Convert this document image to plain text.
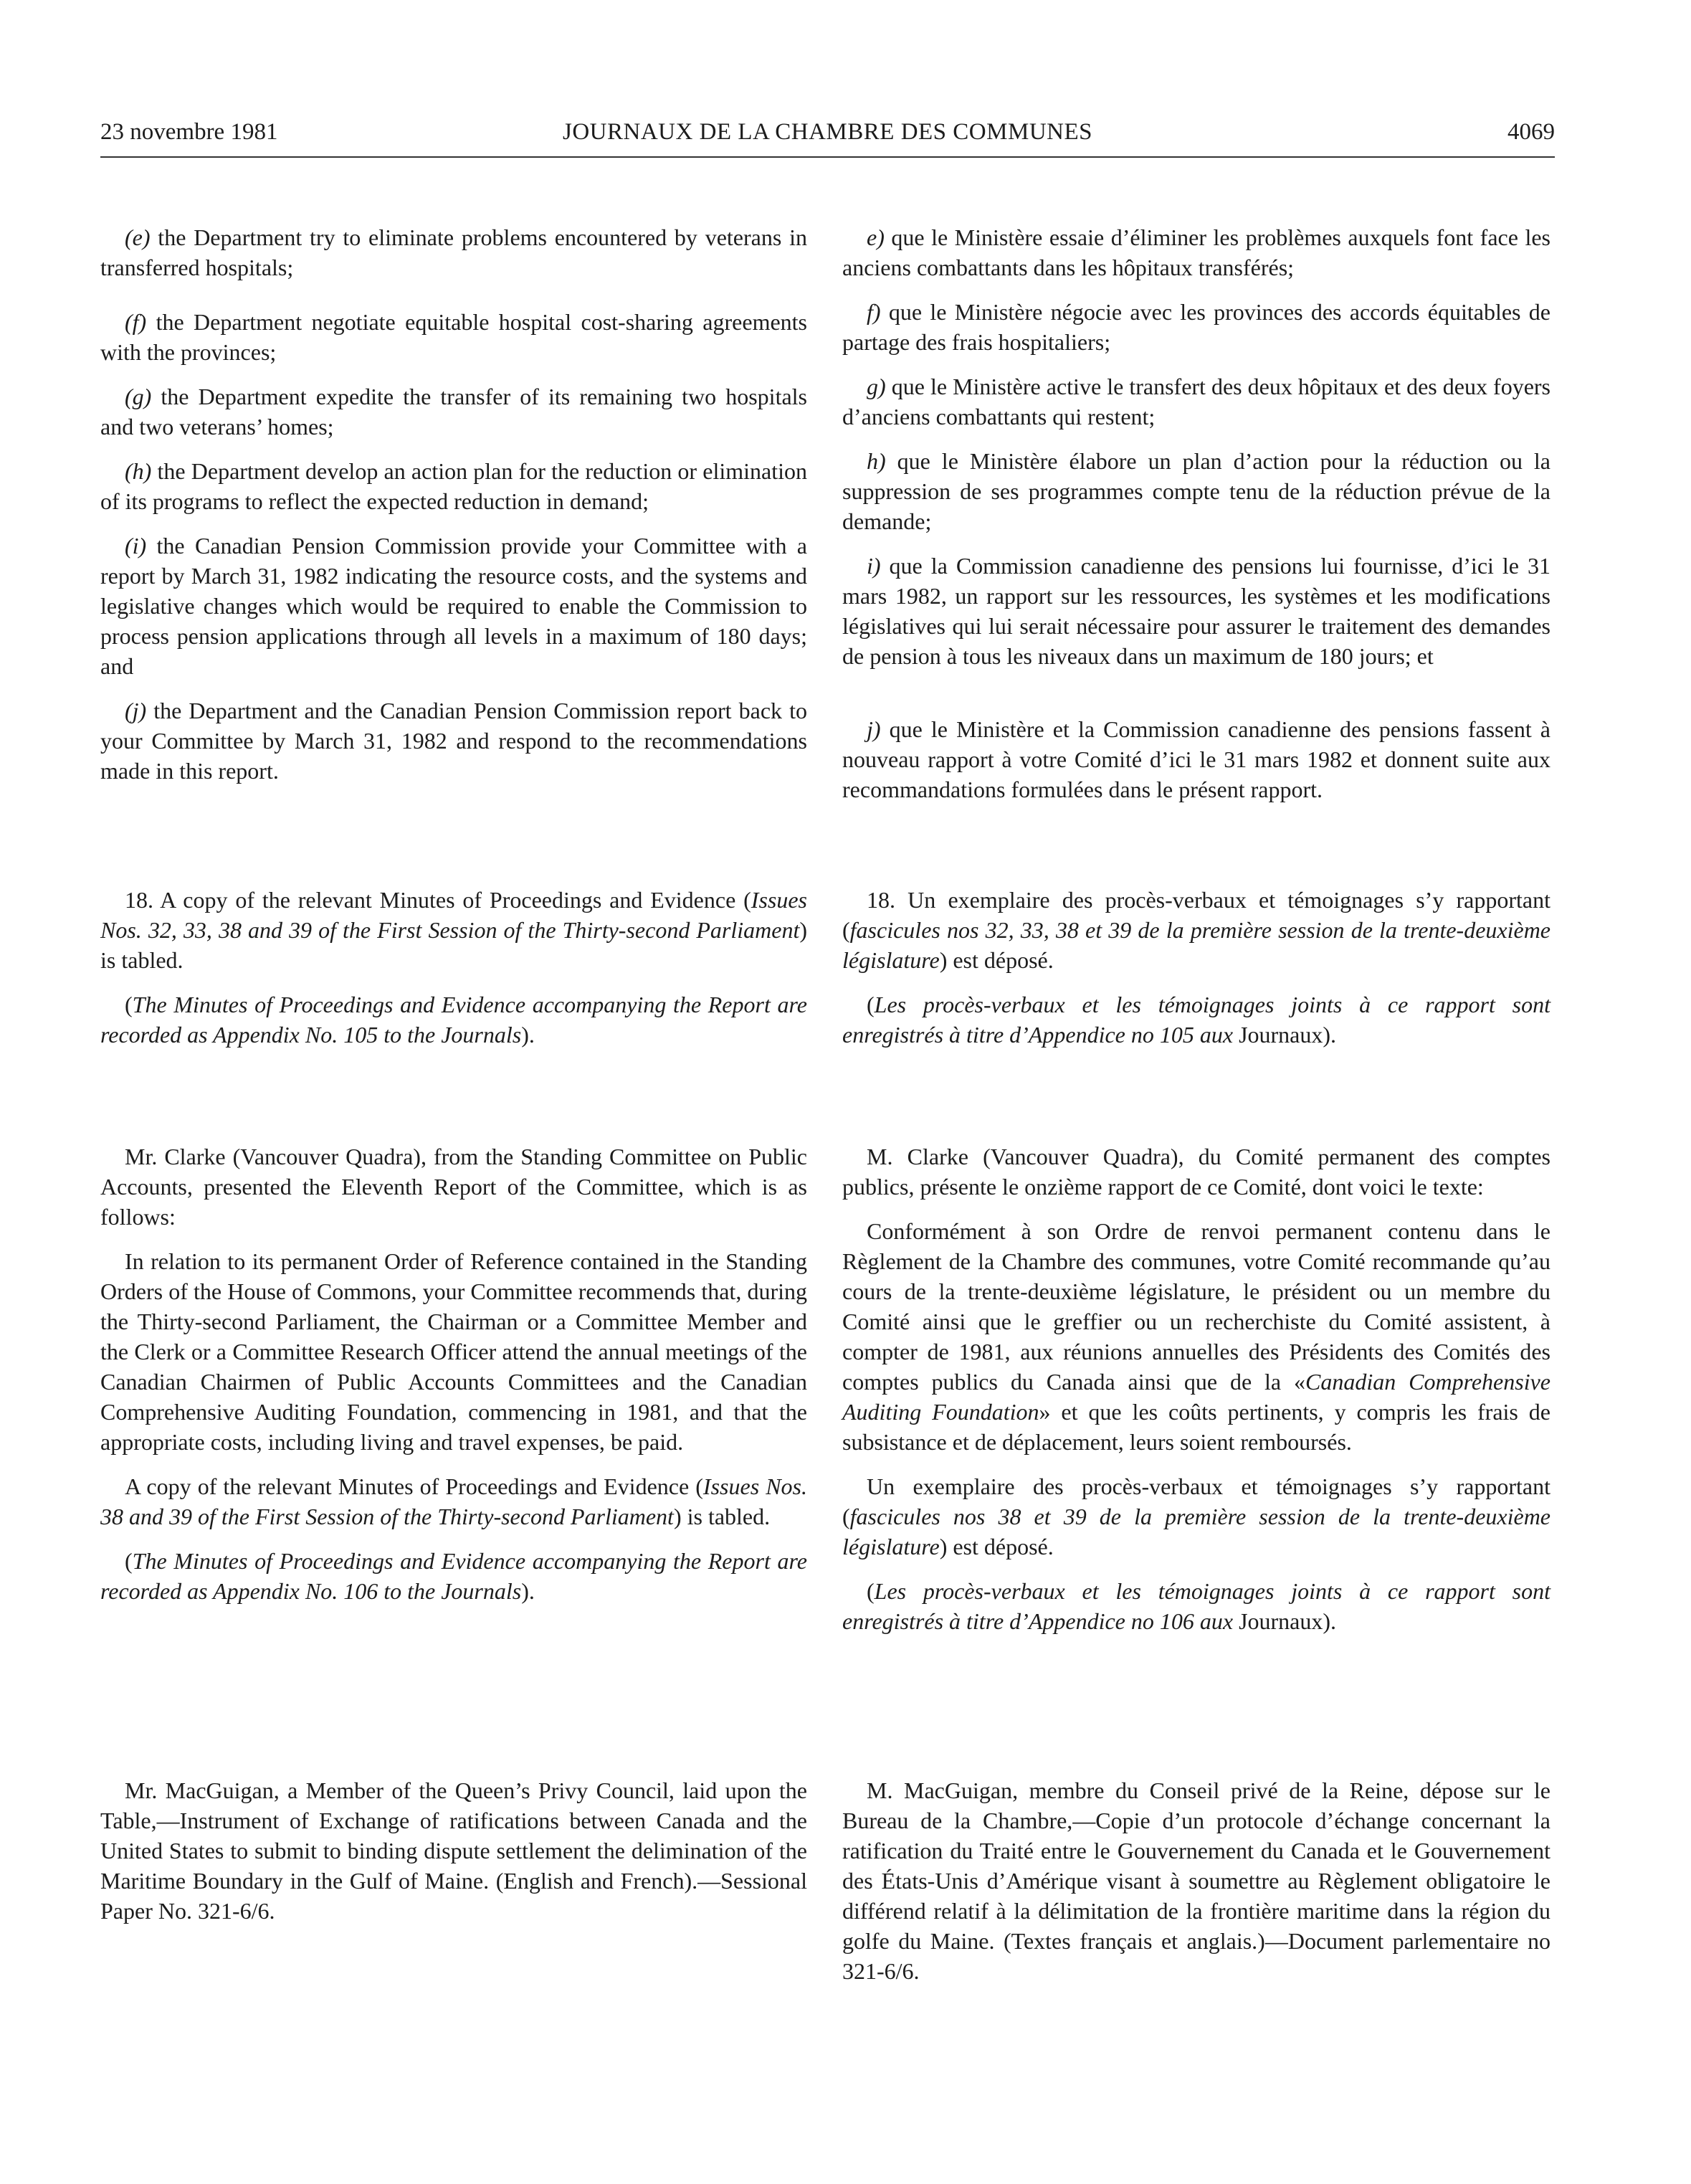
23 novembre 1981	JOURNAUX DE LA CHAMBRE DES COMMUNES	4069

(e) the Department try to eliminate problems encountered by veterans in transferred hospitals;

(f) the Department negotiate equitable hospital cost-sharing agreements with the provinces;

(g) the Department expedite the transfer of its remaining two hospitals and two veterans’ homes;

(h) the Department develop an action plan for the reduction or elimination of its programs to reflect the expected reduction in demand;

(i) the Canadian Pension Commission provide your Committee with a report by March 31, 1982 indicating the resource costs, and the systems and legislative changes which would be required to enable the Commission to process pension applications through all levels in a maximum of 180 days; and

(j) the Department and the Canadian Pension Commission report back to your Committee by March 31, 1982 and respond to the recommendations made in this report.

18. A copy of the relevant Minutes of Proceedings and Evidence (Issues Nos. 32, 33, 38 and 39 of the First Session of the Thirty-second Parliament) is tabled.

(The Minutes of Proceedings and Evidence accompanying the Report are recorded as Appendix No. 105 to the Journals).

Mr. Clarke (Vancouver Quadra), from the Standing Committee on Public Accounts, presented the Eleventh Report of the Committee, which is as follows:

In relation to its permanent Order of Reference contained in the Standing Orders of the House of Commons, your Committee recommends that, during the Thirty-second Parliament, the Chairman or a Committee Member and the Clerk or a Committee Research Officer attend the annual meetings of the Canadian Chairmen of Public Accounts Committees and the Canadian Comprehensive Auditing Foundation, commencing in 1981, and that the appropriate costs, including living and travel expenses, be paid.

A copy of the relevant Minutes of Proceedings and Evidence (Issues Nos. 38 and 39 of the First Session of the Thirty-second Parliament) is tabled.

(The Minutes of Proceedings and Evidence accompanying the Report are recorded as Appendix No. 106 to the Journals).

Mr. MacGuigan, a Member of the Queen’s Privy Council, laid upon the Table,—Instrument of Exchange of ratifications between Canada and the United States to submit to binding dispute settlement the delimination of the Maritime Boundary in the Gulf of Maine. (English and French).—Sessional Paper No. 321-6/6.

e) que le Ministère essaie d’éliminer les problèmes auxquels font face les anciens combattants dans les hôpitaux transférés;

f) que le Ministère négocie avec les provinces des accords équitables de partage des frais hospitaliers;

g) que le Ministère active le transfert des deux hôpitaux et des deux foyers d’anciens combattants qui restent;

h) que le Ministère élabore un plan d’action pour la réduction ou la suppression de ses programmes compte tenu de la réduction prévue de la demande;

i) que la Commission canadienne des pensions lui fournisse, d’ici le 31 mars 1982, un rapport sur les ressources, les systèmes et les modifications législatives qui lui serait nécessaire pour assurer le traitement des demandes de pension à tous les niveaux dans un maximum de 180 jours; et

j) que le Ministère et la Commission canadienne des pensions fassent à nouveau rapport à votre Comité d’ici le 31 mars 1982 et donnent suite aux recommandations formulées dans le présent rapport.

18. Un exemplaire des procès-verbaux et témoignages s’y rapportant (fascicules nos 32, 33, 38 et 39 de la première session de la trente-deuxième législature) est déposé.

(Les procès-verbaux et les témoignages joints à ce rapport sont enregistrés à titre d’Appendice no 105 aux Journaux).

M. Clarke (Vancouver Quadra), du Comité permanent des comptes publics, présente le onzième rapport de ce Comité, dont voici le texte:

Conformément à son Ordre de renvoi permanent contenu dans le Règlement de la Chambre des communes, votre Comité recommande qu’au cours de la trente-deuxième législature, le président ou un membre du Comité ainsi que le greffier ou un recherchiste du Comité assistent, à compter de 1981, aux réunions annuelles des Présidents des Comités des comptes publics du Canada ainsi que de la «Canadian Comprehensive Auditing Foundation» et que les coûts pertinents, y compris les frais de subsistance et de déplacement, leurs soient remboursés.

Un exemplaire des procès-verbaux et témoignages s’y rapportant (fascicules nos 38 et 39 de la première session de la trente-deuxième législature) est déposé.

(Les procès-verbaux et les témoignages joints à ce rapport sont enregistrés à titre d’Appendice no 106 aux Journaux).

M. MacGuigan, membre du Conseil privé de la Reine, dépose sur le Bureau de la Chambre,—Copie d’un protocole d’échange concernant la ratification du Traité entre le Gouvernement du Canada et le Gouvernement des États-Unis d’Amérique visant à soumettre au Règlement obligatoire le différend relatif à la délimitation de la frontière maritime dans la région du golfe du Maine. (Textes français et anglais.)—Document parlementaire no 321-6/6.
